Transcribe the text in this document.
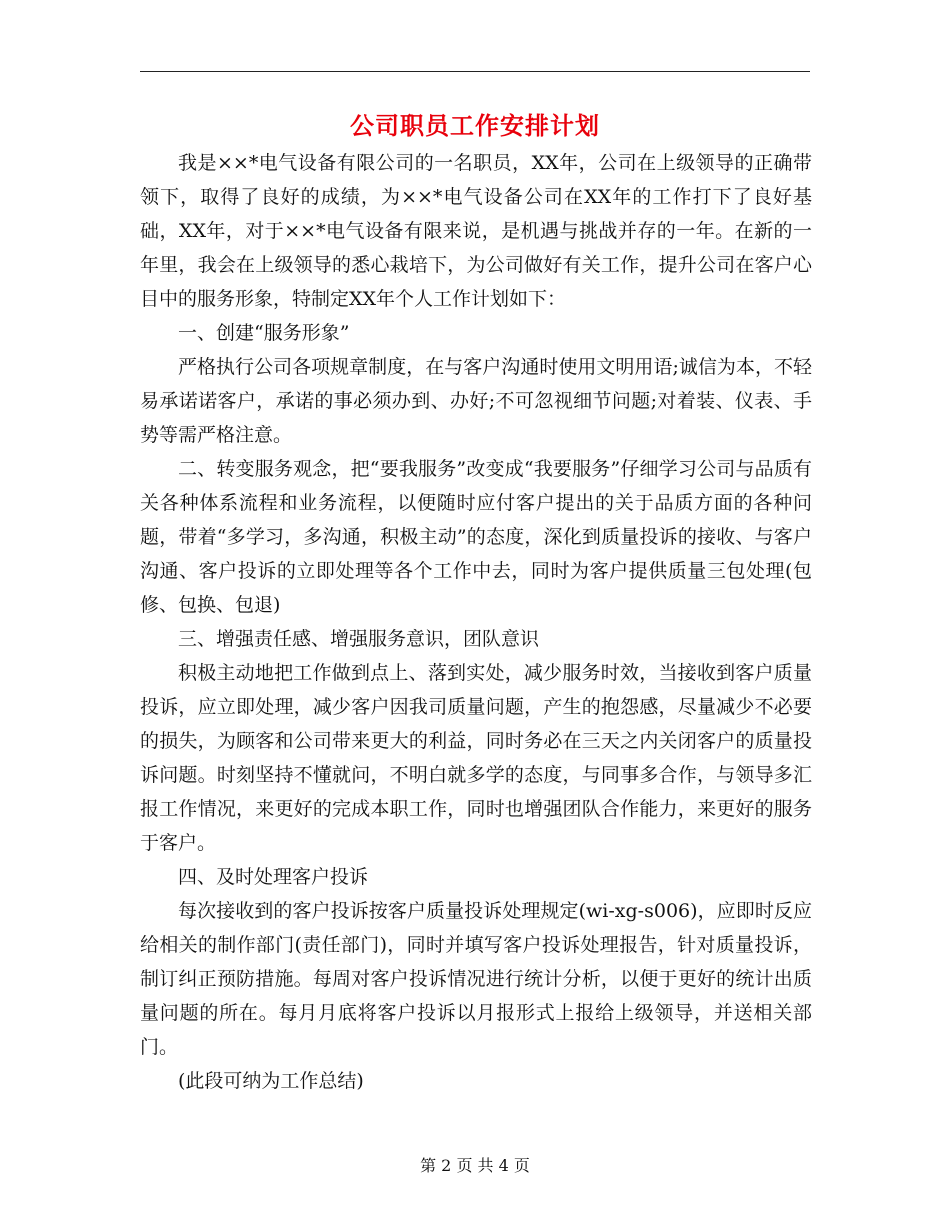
公司职员工作安排计划

我是××*电气设备有限公司的一名职员，XX年，公司在上级领导的正确带领下，取得了良好的成绩，为××*电气设备公司在XX年的工作打下了良好基础，XX年，对于××*电气设备有限来说，是机遇与挑战并存的一年。在新的一年里，我会在上级领导的悉心栽培下，为公司做好有关工作，提升公司在客户心目中的服务形象，特制定XX年个人工作计划如下：

一、创建“服务形象”

严格执行公司各项规章制度，在与客户沟通时使用文明用语;诚信为本，不轻易承诺诺客户，承诺的事必须办到、办好;不可忽视细节问题;对着装、仪表、手势等需严格注意。

二、转变服务观念，把“要我服务”改变成“我要服务”仔细学习公司与品质有关各种体系流程和业务流程，以便随时应付客户提出的关于品质方面的各种问题，带着“多学习，多沟通，积极主动”的态度，深化到质量投诉的接收、与客户沟通、客户投诉的立即处理等各个工作中去，同时为客户提供质量三包处理(包修、包换、包退)

三、增强责任感、增强服务意识，团队意识

积极主动地把工作做到点上、落到实处，减少服务时效，当接收到客户质量投诉，应立即处理，减少客户因我司质量问题，产生的抱怨感，尽量减少不必要的损失，为顾客和公司带来更大的利益，同时务必在三天之内关闭客户的质量投诉问题。时刻坚持不懂就问，不明白就多学的态度，与同事多合作，与领导多汇报工作情况，来更好的完成本职工作，同时也增强团队合作能力，来更好的服务于客户。

四、及时处理客户投诉

每次接收到的客户投诉按客户质量投诉处理规定(wi-xg-s006)，应即时反应给相关的制作部门(责任部门)，同时并填写客户投诉处理报告，针对质量投诉，制订纠正预防措施。每周对客户投诉情况进行统计分析，以便于更好的统计出质量问题的所在。每月月底将客户投诉以月报形式上报给上级领导，并送相关部门。

(此段可纳为工作总结)

第 2 页 共 4 页
